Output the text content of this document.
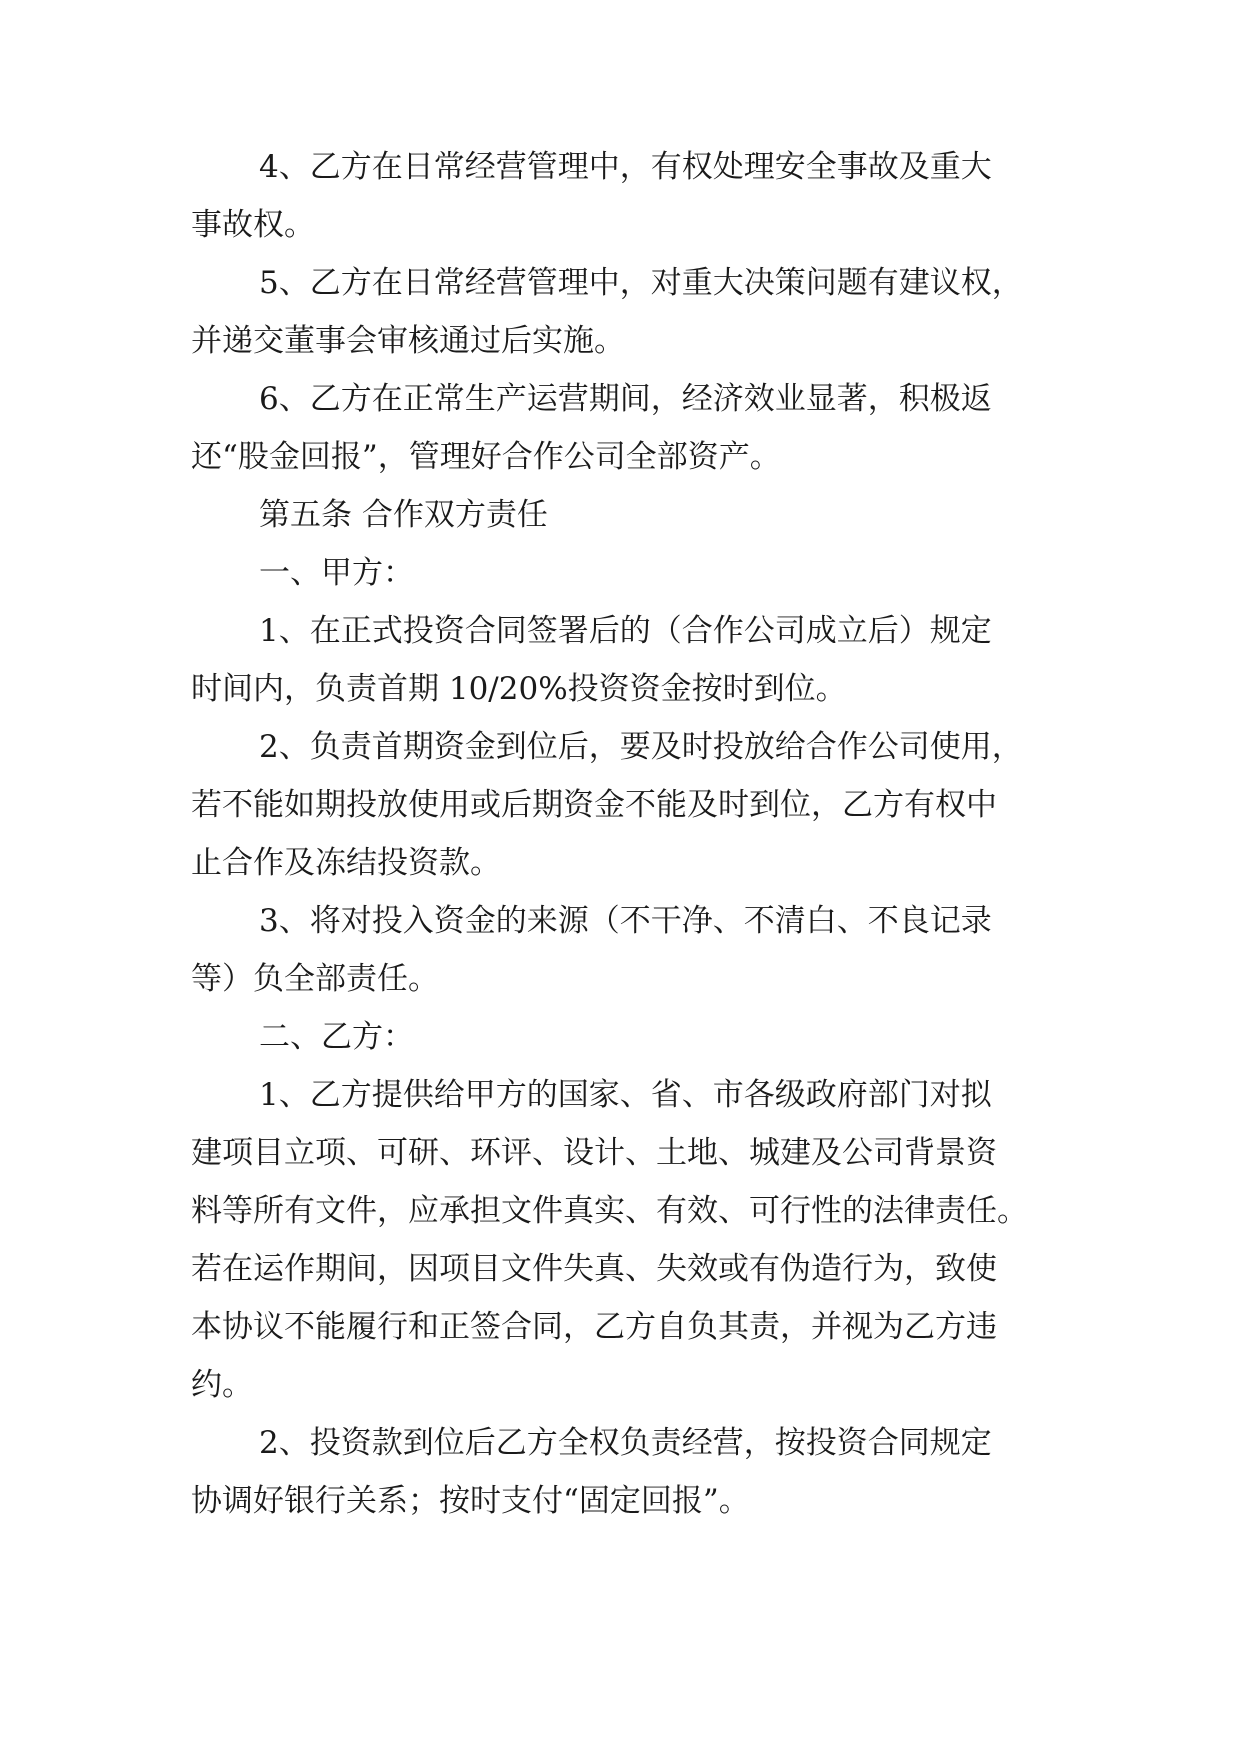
4、乙方在日常经营管理中，有权处理安全事故及重大
事故权。
5、乙方在日常经营管理中，对重大决策问题有建议权，
并递交董事会审核通过后实施。
6、乙方在正常生产运营期间，经济效业显著，积极返
还“股金回报”，管理好合作公司全部资产。
第五条 合作双方责任
一、甲方：
1、在正式投资合同签署后的（合作公司成立后）规定
时间内，负责首期 10/20%投资资金按时到位。
2、负责首期资金到位后，要及时投放给合作公司使用，
若不能如期投放使用或后期资金不能及时到位，乙方有权中
止合作及冻结投资款。
3、将对投入资金的来源（不干净、不清白、不良记录
等）负全部责任。
二、乙方：
1、乙方提供给甲方的国家、省、市各级政府部门对拟
建项目立项、可研、环评、设计、土地、城建及公司背景资
料等所有文件，应承担文件真实、有效、可行性的法律责任。
若在运作期间，因项目文件失真、失效或有伪造行为，致使
本协议不能履行和正签合同，乙方自负其责，并视为乙方违
约。
2、投资款到位后乙方全权负责经营，按投资合同规定
协调好银行关系；按时支付“固定回报”。
